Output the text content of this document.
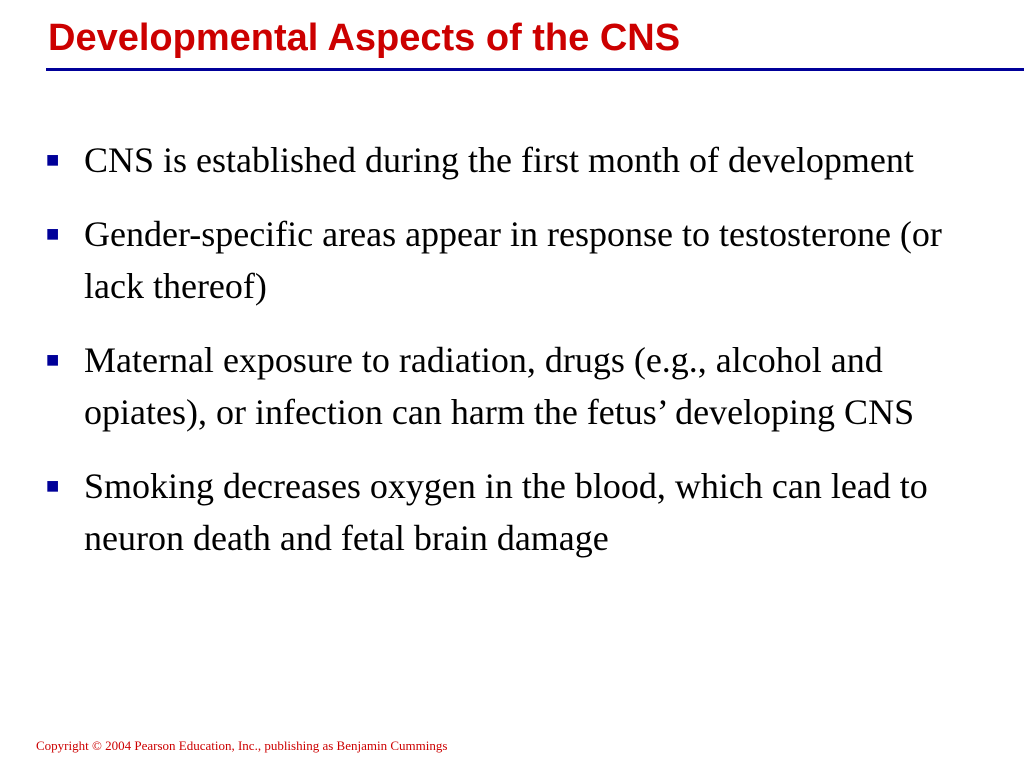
Developmental Aspects of the CNS
■ CNS is established during the first month of development
■ Gender-specific areas appear in response to testosterone (or lack thereof)
■ Maternal exposure to radiation, drugs (e.g., alcohol and opiates), or infection can harm the fetus’ developing CNS
■ Smoking decreases oxygen in the blood, which can lead to neuron death and fetal brain damage
Copyright © 2004 Pearson Education, Inc., publishing as Benjamin Cummings
